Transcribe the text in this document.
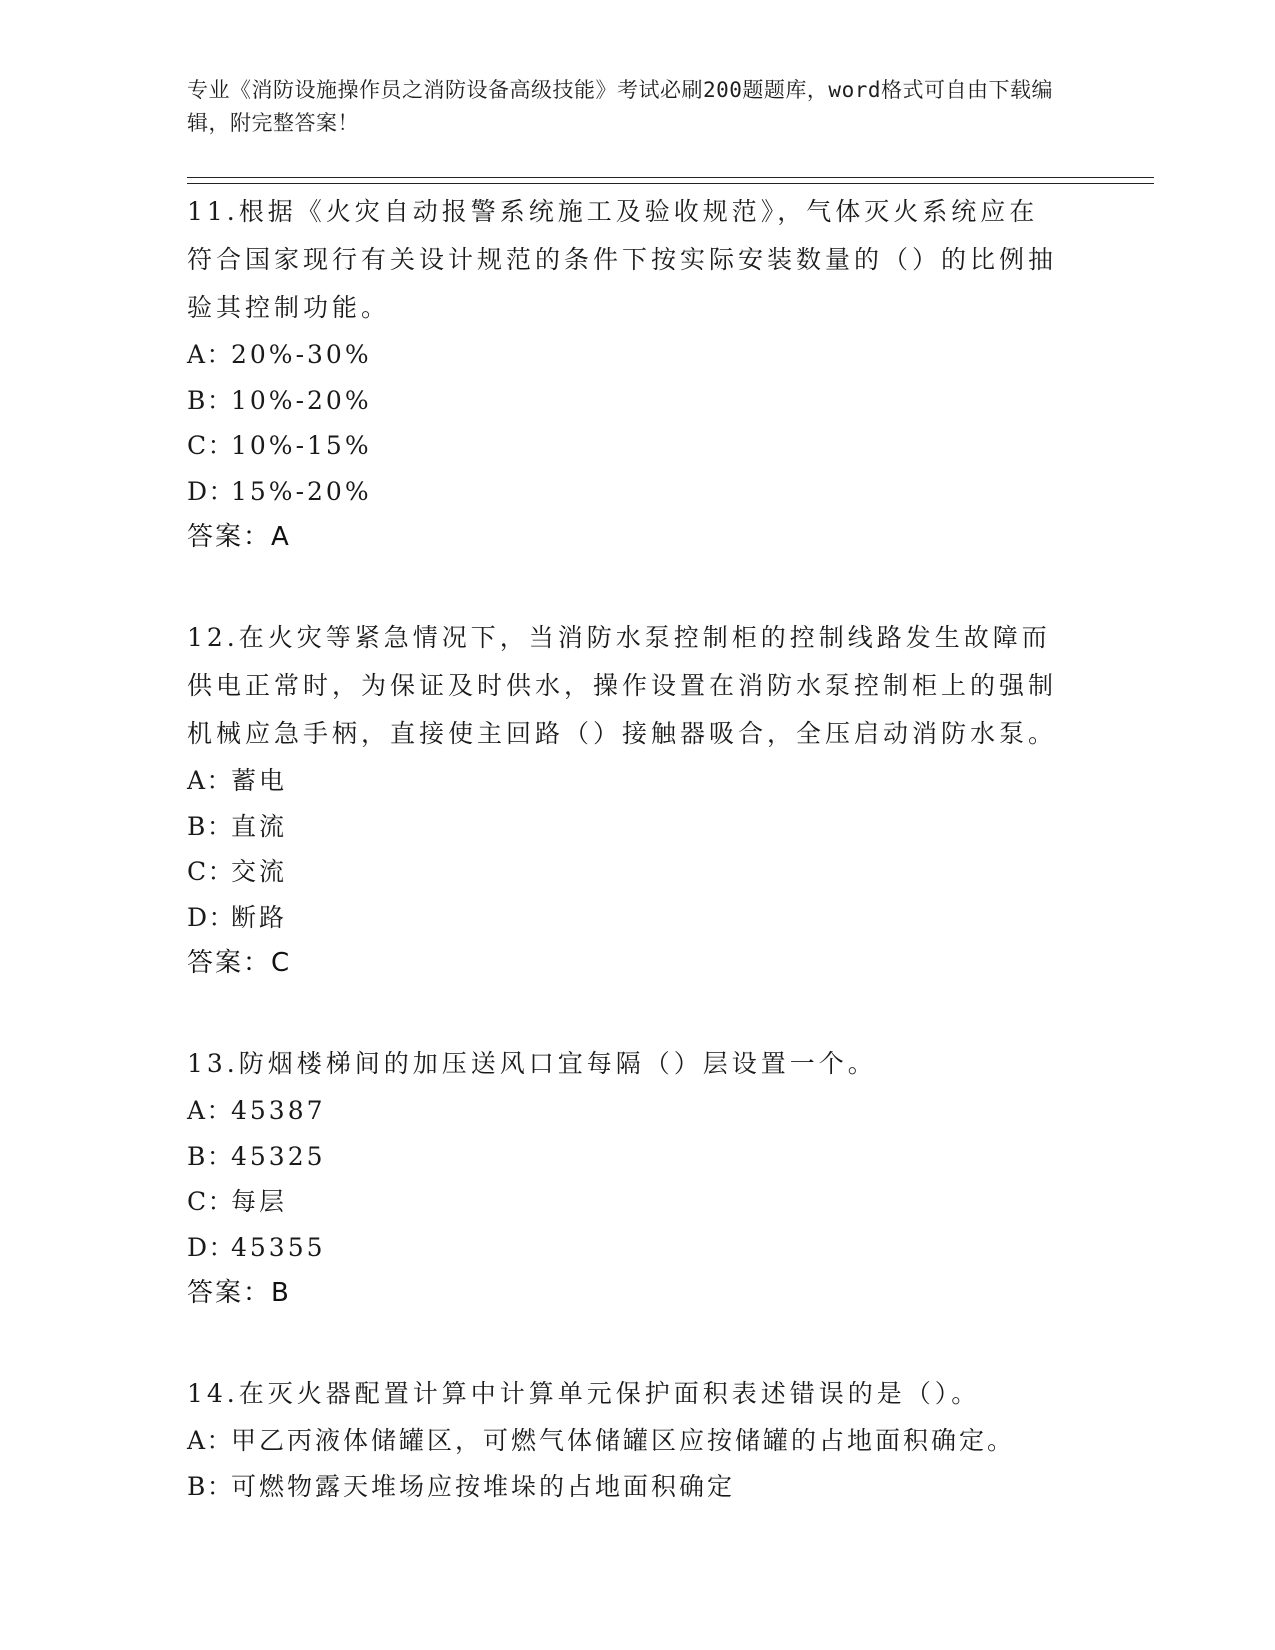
专业《消防设施操作员之消防设备高级技能》考试必刷200题题库，word格式可自由下载编辑，附完整答案！
11.根据《火灾自动报警系统施工及验收规范》，气体灭火系统应在符合国家现行有关设计规范的条件下按实际安装数量的（）的比例抽验其控制功能。
A：20%-30%
B：10%-20%
C：10%-15%
D：15%-20%
答案：A
12.在火灾等紧急情况下，当消防水泵控制柜的控制线路发生故障而供电正常时，为保证及时供水，操作设置在消防水泵控制柜上的强制机械应急手柄，直接使主回路（）接触器吸合，全压启动消防水泵。
A：蓄电
B：直流
C：交流
D：断路
答案：C
13.防烟楼梯间的加压送风口宜每隔（）层设置一个。
A：45387
B：45325
C：每层
D：45355
答案：B
14.在灭火器配置计算中计算单元保护面积表述错误的是（）。
A：甲乙丙液体储罐区，可燃气体储罐区应按储罐的占地面积确定。
B：可燃物露天堆场应按堆垛的占地面积确定
